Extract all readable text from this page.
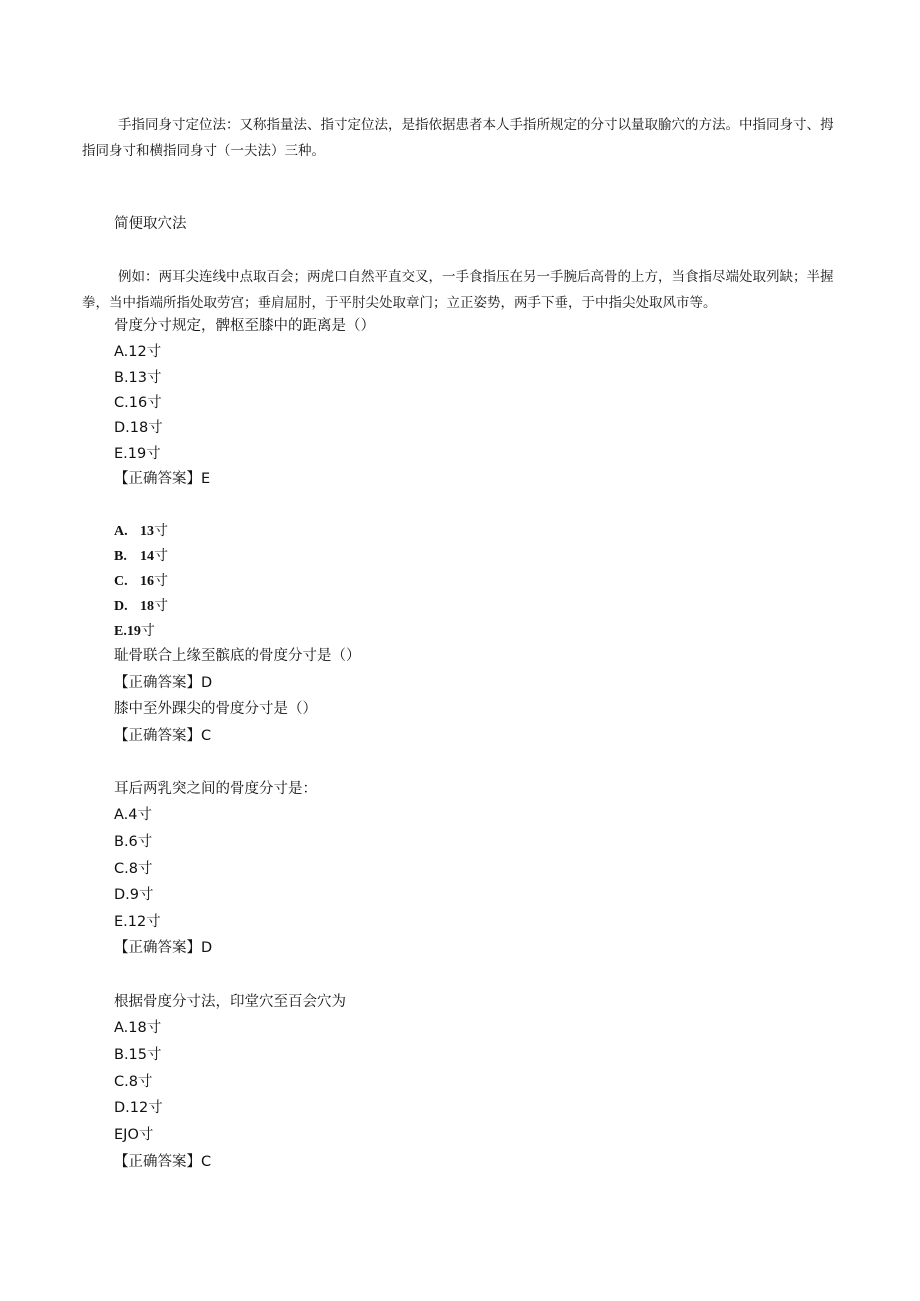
手指同身寸定位法：又称指量法、指寸定位法，是指依据患者本人手指所规定的分寸以量取腧穴的方法。中指同身寸、拇指同身寸和横指同身寸（一夫法）三种。

简便取穴法

例如：两耳尖连线中点取百会；两虎口自然平直交叉，一手食指压在另一手腕后高骨的上方，当食指尽端处取列缺；半握拳，当中指端所指处取劳宫；垂肩屈肘，于平肘尖处取章门；立正姿势，两手下垂，于中指尖处取风市等。

骨度分寸规定，髀枢至膝中的距离是（）

A.12寸

B.13寸

C.16寸

D.18寸

E.19寸

【正确答案】E

A. 13寸

B. 14寸

C. 16寸

D. 18寸

E.19寸

耻骨联合上缘至髌底的骨度分寸是（）

【正确答案】D

膝中至外踝尖的骨度分寸是（）

【正确答案】C

耳后两乳突之间的骨度分寸是：

A.4寸

B.6寸

C.8寸

D.9寸

E.12寸

【正确答案】D

根据骨度分寸法，印堂穴至百会穴为

A.18寸

B.15寸

C.8寸

D.12寸

EJO寸

【正确答案】C
